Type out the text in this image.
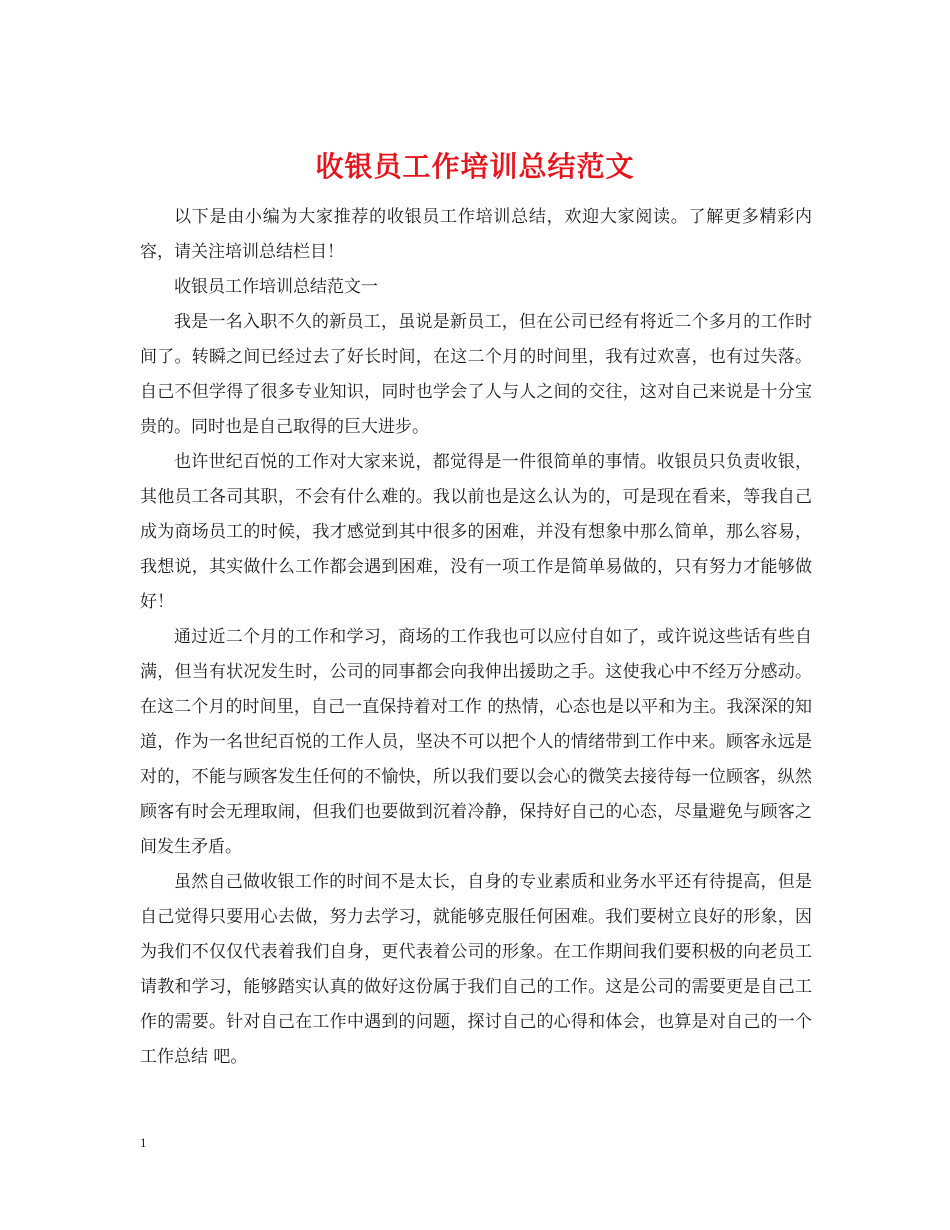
收银员工作培训总结范文

以下是由小编为大家推荐的收银员工作培训总结，欢迎大家阅读。了解更多精彩内容，请关注培训总结栏目！

收银员工作培训总结范文一

我是一名入职不久的新员工，虽说是新员工，但在公司已经有将近二个多月的工作时间了。转瞬之间已经过去了好长时间，在这二个月的时间里，我有过欢喜，也有过失落。自己不但学得了很多专业知识，同时也学会了人与人之间的交往，这对自己来说是十分宝贵的。同时也是自己取得的巨大进步。

也许世纪百悦的工作对大家来说，都觉得是一件很简单的事情。收银员只负责收银，其他员工各司其职，不会有什么难的。我以前也是这么认为的，可是现在看来，等我自己成为商场员工的时候，我才感觉到其中很多的困难，并没有想象中那么简单，那么容易，我想说，其实做什么工作都会遇到困难，没有一项工作是简单易做的，只有努力才能够做好！

通过近二个月的工作和学习，商场的工作我也可以应付自如了，或许说这些话有些自满，但当有状况发生时，公司的同事都会向我伸出援助之手。这使我心中不经万分感动。在这二个月的时间里，自己一直保持着对工作 的热情，心态也是以平和为主。我深深的知道，作为一名世纪百悦的工作人员，坚决不可以把个人的情绪带到工作中来。顾客永远是对的，不能与顾客发生任何的不愉快，所以我们要以会心的微笑去接待每一位顾客，纵然顾客有时会无理取闹，但我们也要做到沉着冷静，保持好自己的心态，尽量避免与顾客之间发生矛盾。

虽然自己做收银工作的时间不是太长，自身的专业素质和业务水平还有待提高，但是自己觉得只要用心去做，努力去学习，就能够克服任何困难。我们要树立良好的形象，因为我们不仅仅代表着我们自身，更代表着公司的形象。在工作期间我们要积极的向老员工请教和学习，能够踏实认真的做好这份属于我们自己的工作。这是公司的需要更是自己工作的需要。针对自己在工作中遇到的问题，探讨自己的心得和体会，也算是对自己的一个工作总结 吧。

1
